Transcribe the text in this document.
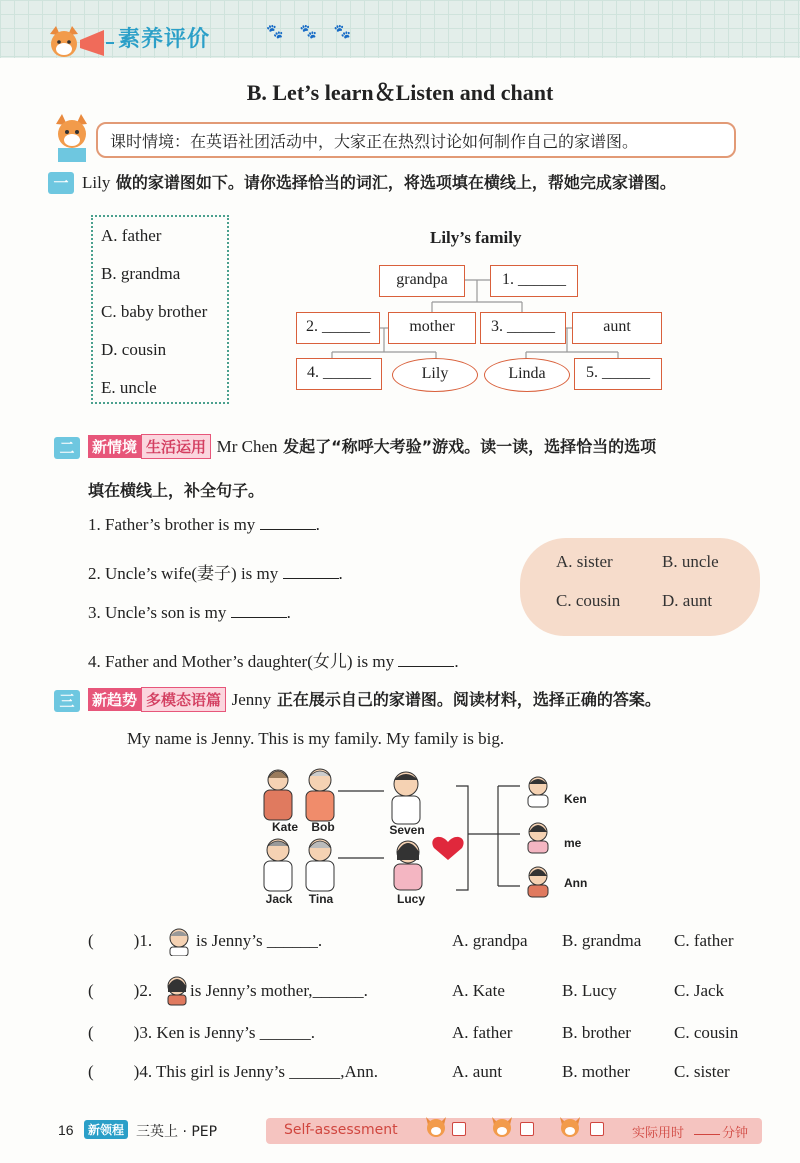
素养评价	🐾 🐾 🐾
B. Let’s learn＆Listen and chant
课时情境：在英语社团活动中，大家正在热烈讨论如何制作自己的家谱图。
一 Lily 做的家谱图如下。请你选择恰当的词汇，将选项填在横线上，帮她完成家谱图。
A. father
B. grandma
C. baby brother
D. cousin
E. uncle
Lily’s family
grandpa	1. ______
2. ______	mother	3. ______	aunt
4. ______	Lily	Linda	5. ______
二	新情境 生活运用 Mr Chen 发起了“称呼大考验”游戏。读一读，选择恰当的选项
填在横线上，补全句子。
1. Father’s brother is my	.
2. Uncle’s wife(妻子) is my	.
3. Uncle’s son is my	.
4. Father and Mother’s daughter(女儿) is my	.
A. sister	B. uncle
C. cousin D. aunt
三	新趋势 多模态语篇 Jenny 正在展示自己的家谱图。阅读材料，选择正确的答案。
My name is Jenny. This is my family. My family is big.
Kate	Bob	Seven
Jack	Tina	Lucy
Ken
me
Ann
( )1.	is Jenny’s ______.	A. grandpa B. grandma C. father
( )2. is Jenny’s mother,______.	A. Kate	B. Lucy	C. Jack
( )3. Ken is Jenny’s ______.	A. father	B. brother	C. cousin
( )4. This girl is Jenny’s ______,Ann.	A. aunt	B. mother	C. sister
16	新领程 三英上 · PEP	Self-assessment	实际用时	分钟
